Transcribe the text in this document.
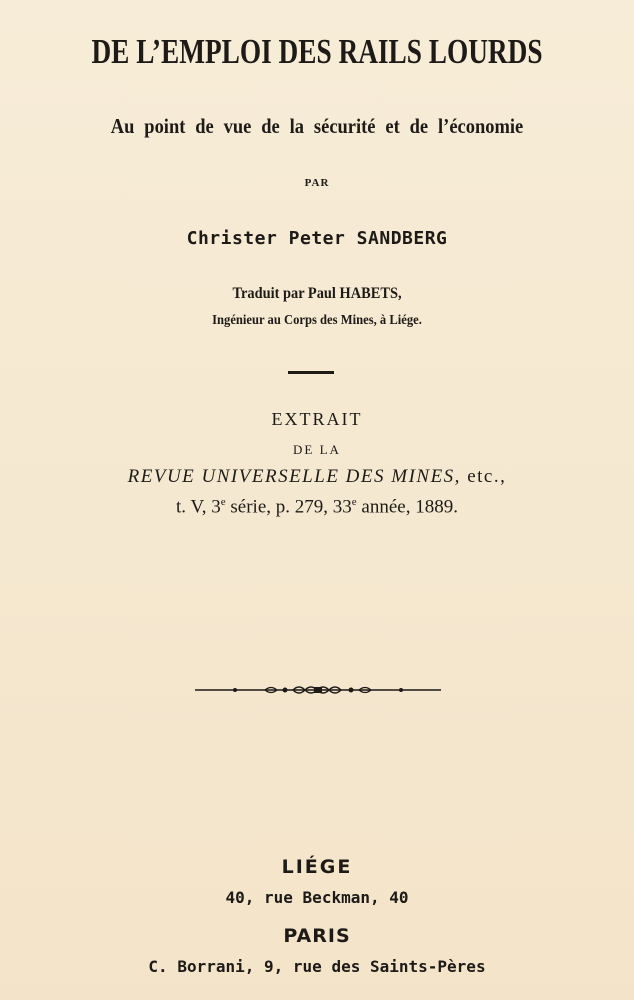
DE L’EMPLOI DES RAILS LOURDS
Au point de vue de la sécurité et de l’économie
PAR
Christer Peter SANDBERG
Traduit par Paul HABETS,
Ingénieur au Corps des Mines, à Liége.
EXTRAIT
DE LA
REVUE UNIVERSELLE DES MINES, etc.,
t. V, 3e série, p. 279, 33e année, 1889.
LIÉGE
40, rue Beckman, 40
PARIS
C. Borrani, 9, rue des Saints-Pères
